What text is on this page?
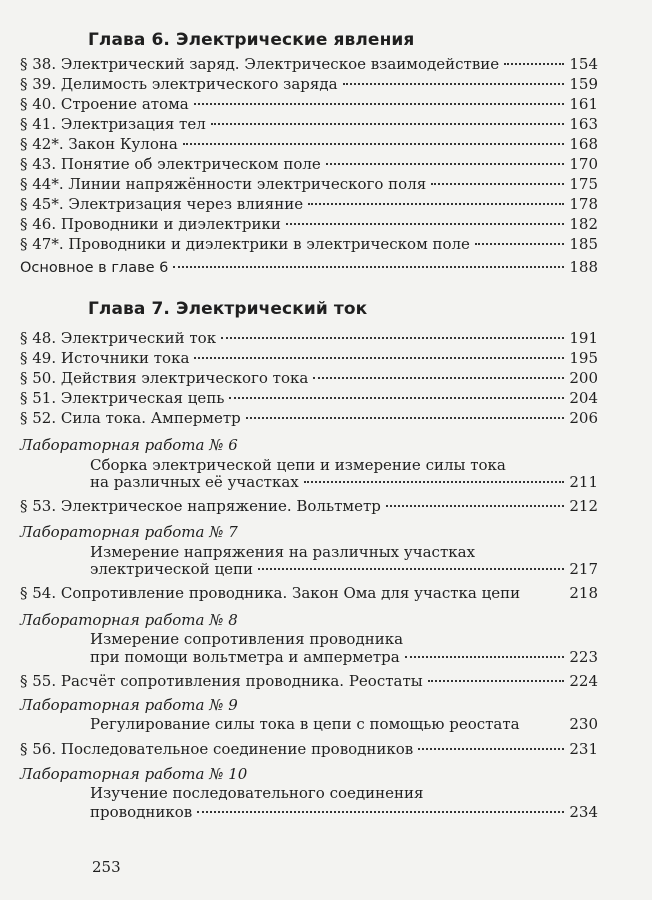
Глава 6. Электрические явления
§ 38. Электрический заряд. Электрическое взаимодействие	154
§ 39. Делимость электрического заряда	159
§ 40. Строение атома	161
§ 41. Электризация тел	163
§ 42*. Закон Кулона	168
§ 43. Понятие об электрическом поле	170
§ 44*. Линии напряжённости электрического поля	175
§ 45*. Электризация через влияние	178
§ 46. Проводники и диэлектрики	182
§ 47*. Проводники и диэлектрики в электрическом поле	185
Основное в главе 6	188
Глава 7. Электрический ток
§ 48. Электрический ток	191
§ 49. Источники тока	195
§ 50. Действия электрического тока	200
§ 51. Электрическая цепь	204
§ 52. Сила тока. Амперметр	206
Лабораторная работа № 6
Сборка электрической цепи и измерение силы тока
на различных её участках	211
§ 53. Электрическое напряжение. Вольтметр	212
Лабораторная работа № 7
Измерение напряжения на различных участках
электрической цепи	217
§ 54. Сопротивление проводника. Закон Ома для участка цепи	218
Лабораторная работа № 8
Измерение сопротивления проводника
при помощи вольтметра и амперметра	223
§ 55. Расчёт сопротивления проводника. Реостаты	224
Лабораторная работа № 9
Регулирование силы тока в цепи с помощью реостата	230
§ 56. Последовательное соединение проводников	231
Лабораторная работа № 10
Изучение последовательного соединения
проводников	234
253
